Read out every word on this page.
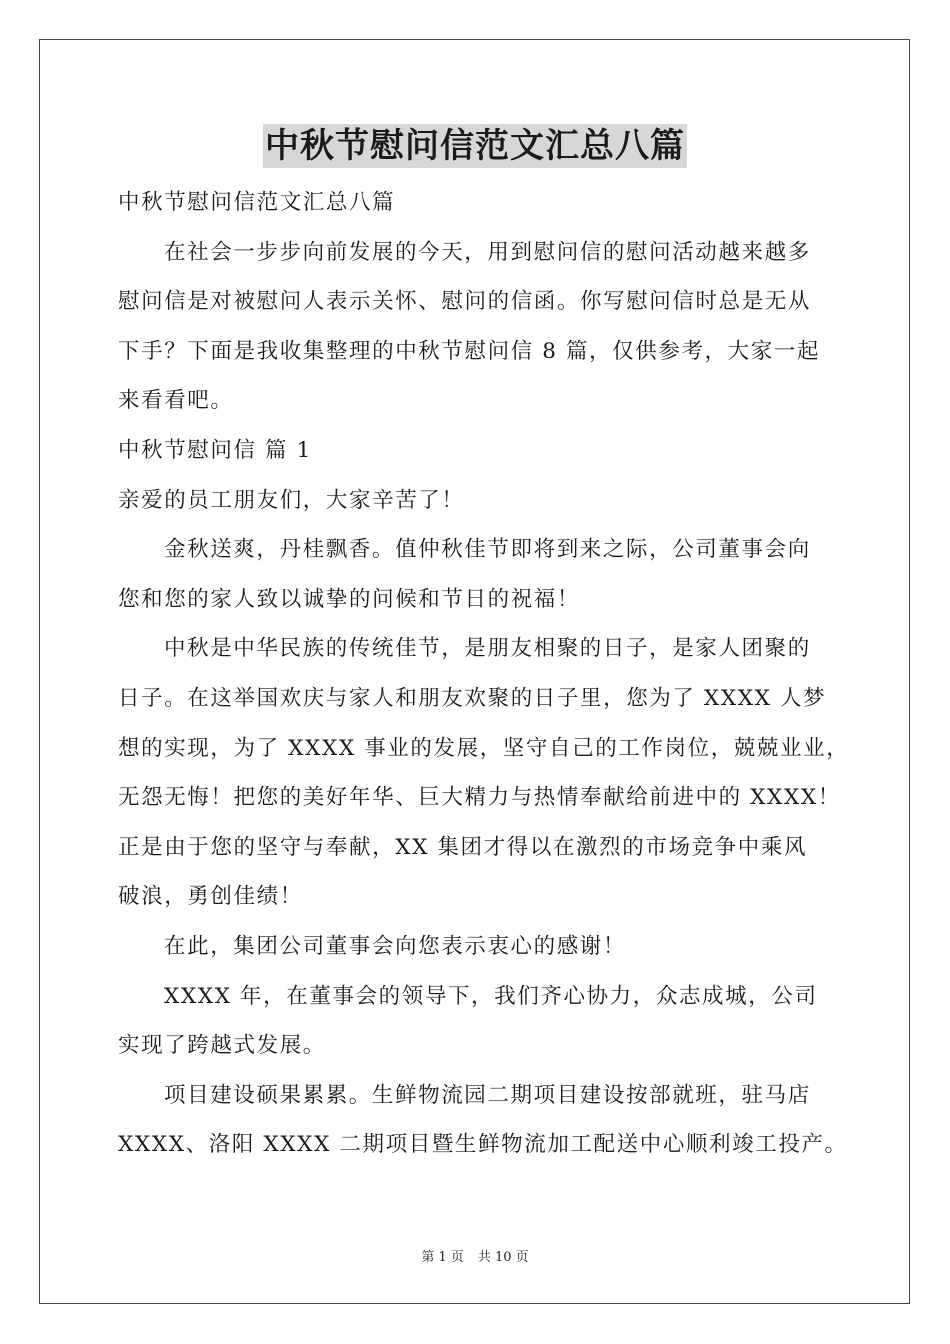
中秋节慰问信范文汇总八篇
中秋节慰问信范文汇总八篇
在社会一步步向前发展的今天，用到慰问信的慰问活动越来越多
慰问信是对被慰问人表示关怀、慰问的信函。你写慰问信时总是无从
下手？下面是我收集整理的中秋节慰问信 8 篇，仅供参考，大家一起
来看看吧。
中秋节慰问信 篇 1
亲爱的员工朋友们，大家辛苦了！
金秋送爽，丹桂飘香。值仲秋佳节即将到来之际，公司董事会向
您和您的家人致以诚挚的问候和节日的祝福！
中秋是中华民族的传统佳节，是朋友相聚的日子，是家人团聚的
日子。在这举国欢庆与家人和朋友欢聚的日子里，您为了 XXXX 人梦
想的实现，为了 XXXX 事业的发展，坚守自己的工作岗位，兢兢业业，
无怨无悔！把您的美好年华、巨大精力与热情奉献给前进中的 XXXX！
正是由于您的坚守与奉献，XX 集团才得以在激烈的市场竞争中乘风
破浪，勇创佳绩！
在此，集团公司董事会向您表示衷心的感谢！
XXXX 年，在董事会的领导下，我们齐心协力，众志成城，公司
实现了跨越式发展。
项目建设硕果累累。生鲜物流园二期项目建设按部就班，驻马店
XXXX、洛阳 XXXX 二期项目暨生鲜物流加工配送中心顺利竣工投产。
第 1 页 共 10 页
